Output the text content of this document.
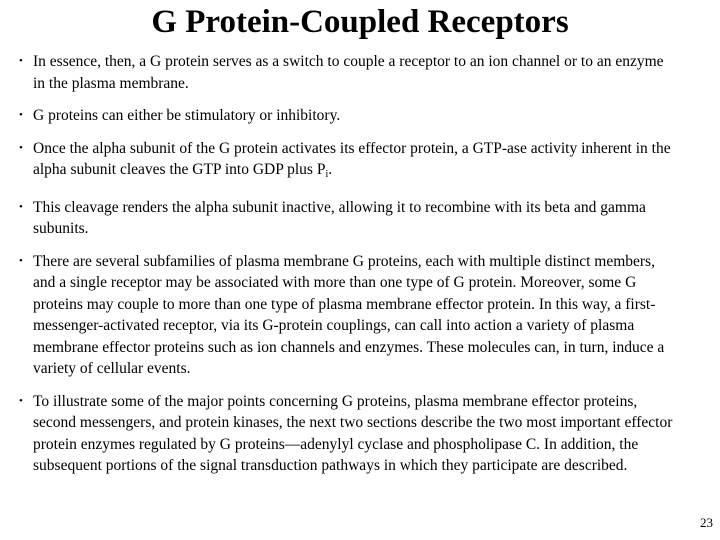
G Protein-Coupled Receptors
• In essence, then, a G protein serves as a switch to couple a receptor to an ion channel or to an enzyme in the plasma membrane.
• G proteins can either be stimulatory or inhibitory.
• Once the alpha subunit of the G protein activates its effector protein, a GTP-ase activity inherent in the alpha subunit cleaves the GTP into GDP plus $P_i$.
• This cleavage renders the alpha subunit inactive, allowing it to recombine with its beta and gamma subunits.
• There are several subfamilies of plasma membrane G proteins, each with multiple distinct members, and a single receptor may be associated with more than one type of G protein. Moreover, some G proteins may couple to more than one type of plasma membrane effector protein. In this way, a first-messenger-activated receptor, via its G-protein couplings, can call into action a variety of plasma membrane effector proteins such as ion channels and enzymes. These molecules can, in turn, induce a variety of cellular events.
• To illustrate some of the major points concerning G proteins, plasma membrane effector proteins, second messengers, and protein kinases, the next two sections describe the two most important effector protein enzymes regulated by G proteins—adenylyl cyclase and phospholipase C. In addition, the subsequent portions of the signal transduction pathways in which they participate are described.
23
